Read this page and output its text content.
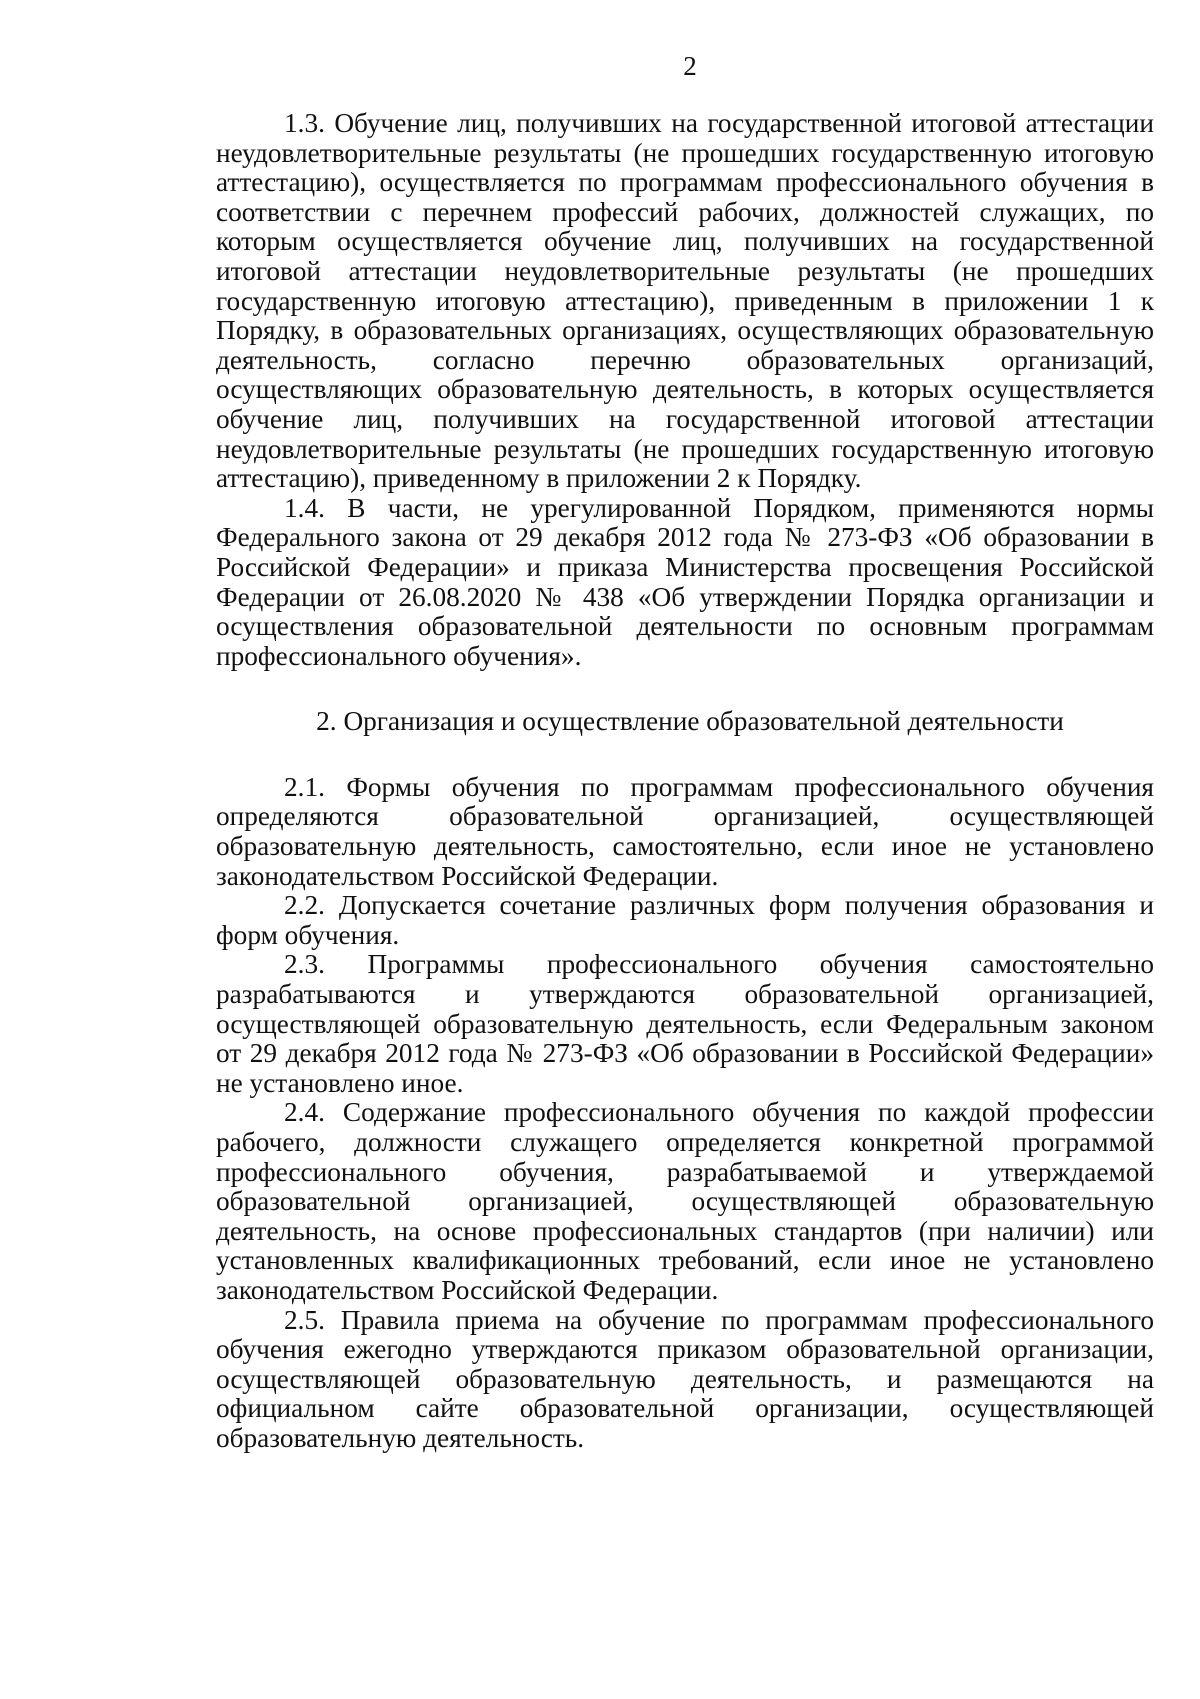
2

1.3. Обучение лиц, получивших на государственной итоговой аттестации неудовлетворительные результаты (не прошедших государственную итоговую аттестацию), осуществляется по программам профессионального обучения в соответствии с перечнем профессий рабочих, должностей служащих, по которым осуществляется обучение лиц, получивших на государственной итоговой аттестации неудовлетворительные результаты (не прошедших государственную итоговую аттестацию), приведенным в приложении 1 к Порядку, в образовательных организациях, осуществляющих образовательную деятельность, согласно перечню образовательных организаций, осуществляющих образовательную деятельность, в которых осуществляется обучение лиц, получивших на государственной итоговой аттестации неудовлетворительные результаты (не прошедших государственную итоговую аттестацию), приведенному в приложении 2 к Порядку.

1.4. В части, не урегулированной Порядком, применяются нормы Федерального закона от 29 декабря 2012 года № 273-ФЗ «Об образовании в Российской Федерации» и приказа Министерства просвещения Российской Федерации от 26.08.2020 № 438 «Об утверждении Порядка организации и осуществления образовательной деятельности по основным программам профессионального обучения».

2. Организация и осуществление образовательной деятельности

2.1. Формы обучения по программам профессионального обучения определяются образовательной организацией, осуществляющей образовательную деятельность, самостоятельно, если иное не установлено законодательством Российской Федерации.

2.2. Допускается сочетание различных форм получения образования и форм обучения.

2.3. Программы профессионального обучения самостоятельно разрабатываются и утверждаются образовательной организацией, осуществляющей образовательную деятельность, если Федеральным законом от 29 декабря 2012 года № 273-ФЗ «Об образовании в Российской Федерации» не установлено иное.

2.4. Содержание профессионального обучения по каждой профессии рабочего, должности служащего определяется конкретной программой профессионального обучения, разрабатываемой и утверждаемой образовательной организацией, осуществляющей образовательную деятельность, на основе профессиональных стандартов (при наличии) или установленных квалификационных требований, если иное не установлено законодательством Российской Федерации.

2.5. Правила приема на обучение по программам профессионального обучения ежегодно утверждаются приказом образовательной организации, осуществляющей образовательную деятельность, и размещаются на официальном сайте образовательной организации, осуществляющей образовательную деятельность.
